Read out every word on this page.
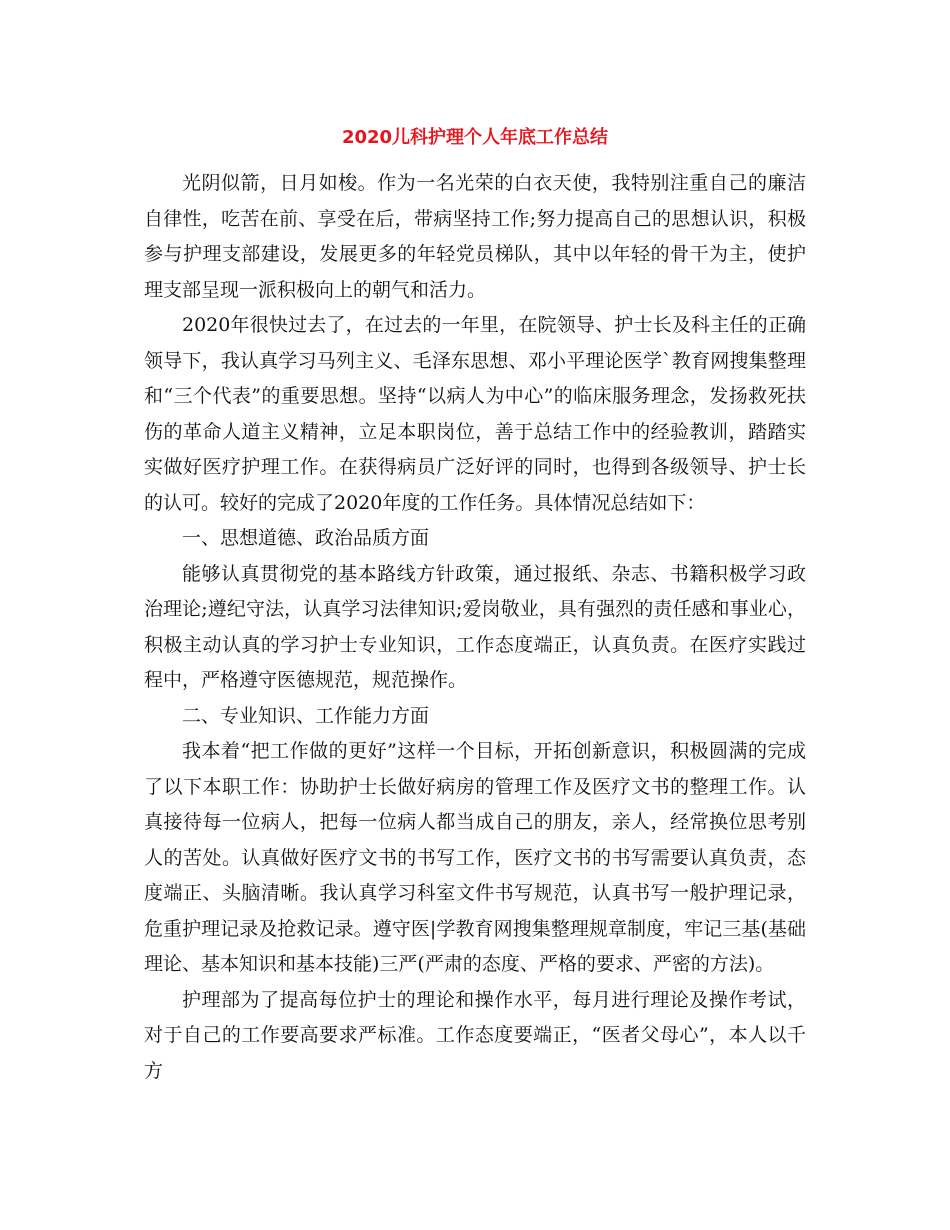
2020儿科护理个人年底工作总结

光阴似箭，日月如梭。作为一名光荣的白衣天使，我特别注重自己的廉洁自律性，吃苦在前、享受在后，带病坚持工作;努力提高自己的思想认识，积极参与护理支部建设，发展更多的年轻党员梯队，其中以年轻的骨干为主，使护理支部呈现一派积极向上的朝气和活力。

2020年很快过去了，在过去的一年里，在院领导、护士长及科主任的正确领导下，我认真学习马列主义、毛泽东思想、邓小平理论医学`教育网搜集整理和“三个代表”的重要思想。坚持“以病人为中心”的临床服务理念，发扬救死扶伤的革命人道主义精神，立足本职岗位，善于总结工作中的经验教训，踏踏实实做好医疗护理工作。在获得病员广泛好评的同时，也得到各级领导、护士长的认可。较好的完成了2020年度的工作任务。具体情况总结如下：

一、思想道德、政治品质方面

能够认真贯彻党的基本路线方针政策，通过报纸、杂志、书籍积极学习政治理论;遵纪守法，认真学习法律知识;爱岗敬业，具有强烈的责任感和事业心，积极主动认真的学习护士专业知识，工作态度端正，认真负责。在医疗实践过程中，严格遵守医德规范，规范操作。

二、专业知识、工作能力方面

我本着“把工作做的更好”这样一个目标，开拓创新意识，积极圆满的完成了以下本职工作：协助护士长做好病房的管理工作及医疗文书的整理工作。认真接待每一位病人，把每一位病人都当成自己的朋友，亲人，经常换位思考别人的苦处。认真做好医疗文书的书写工作，医疗文书的书写需要认真负责，态度端正、头脑清晰。我认真学习科室文件书写规范，认真书写一般护理记录，危重护理记录及抢救记录。遵守医|学教育网搜集整理规章制度，牢记三基(基础理论、基本知识和基本技能)三严(严肃的态度、严格的要求、严密的方法)。

护理部为了提高每位护士的理论和操作水平，每月进行理论及操作考试，对于自己的工作要高要求严标准。工作态度要端正，“医者父母心”，本人以千方
